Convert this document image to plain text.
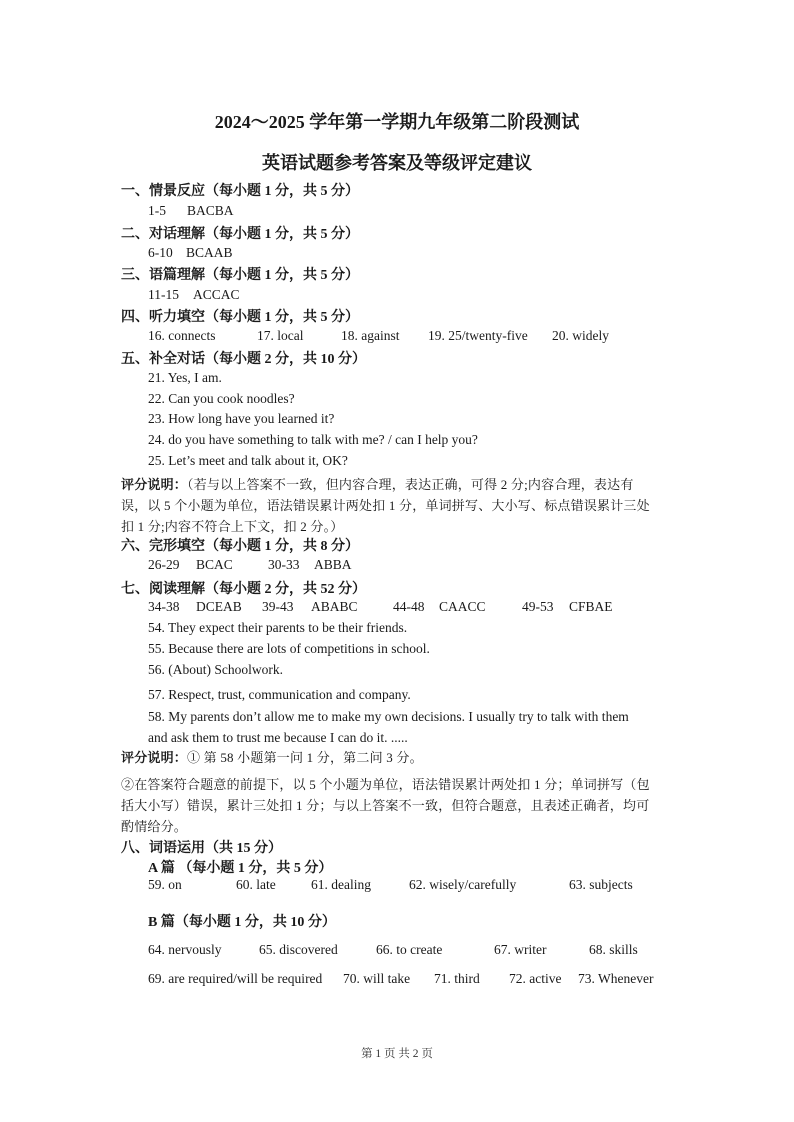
2024～2025 学年第一学期九年级第二阶段测试
英语试题参考答案及等级评定建议
一、情景反应（每小题 1 分，共 5 分）
1-5 BACBA
二、对话理解（每小题 1 分，共 5 分）
6-10 BCAAB
三、语篇理解（每小题 1 分，共 5 分）
11-15 ACCAC
四、听力填空（每小题 1 分，共 5 分）
16. connects	17. local	18. against 19. 25/twenty-five 20. widely
五、补全对话（每小题 2 分，共 10 分）
21. Yes, I am.
22. Can you cook noodles?
23. How long have you learned it?
24. do you have something to talk with me? / can I help you?
25. Let’s meet and talk about it, OK?
评分说明：（若与以上答案不一致，但内容合理，表达正确，可得 2 分;内容合理，表达有
误，以 5 个小题为单位，语法错误累计两处扣 1 分，单词拼写、大小写、标点错误累计三处
扣 1 分;内容不符合上下文，扣 2 分。）
六、完形填空（每小题 1 分，共 8 分）
26-29 BCAC	30-33 ABBA
七、阅读理解（每小题 2 分，共 52 分）
34-38 DCEAB 39-43 ABABC	44-48 CAACC	49-53 CFBAE
54. They expect their parents to be their friends.
55. Because there are lots of competitions in school.
56. (About) Schoolwork.
57. Respect, trust, communication and company.
58. My parents don’t allow me to make my own decisions. I usually try to talk with them
and ask them to trust me because I can do it. .....
评分说明：① 第 58 小题第一问 1 分，第二问 3 分。
②在答案符合题意的前提下，以 5 个小题为单位，语法错误累计两处扣 1 分；单词拼写（包
括大小写）错误，累计三处扣 1 分；与以上答案不一致，但符合题意，且表述正确者，均可
酌情给分。
八、词语运用（共 15 分）
A 篇 （每小题 1 分，共 5 分）
59. on	60. late	61. dealing	62. wisely/carefully	63. subjects
B 篇（每小题 1 分，共 10 分）
64. nervously	65. discovered	66. to create	67. writer	68. skills
69. are required/will be required 70. will take 71. third 72. active 73. Whenever
第 1 页 共 2 页
